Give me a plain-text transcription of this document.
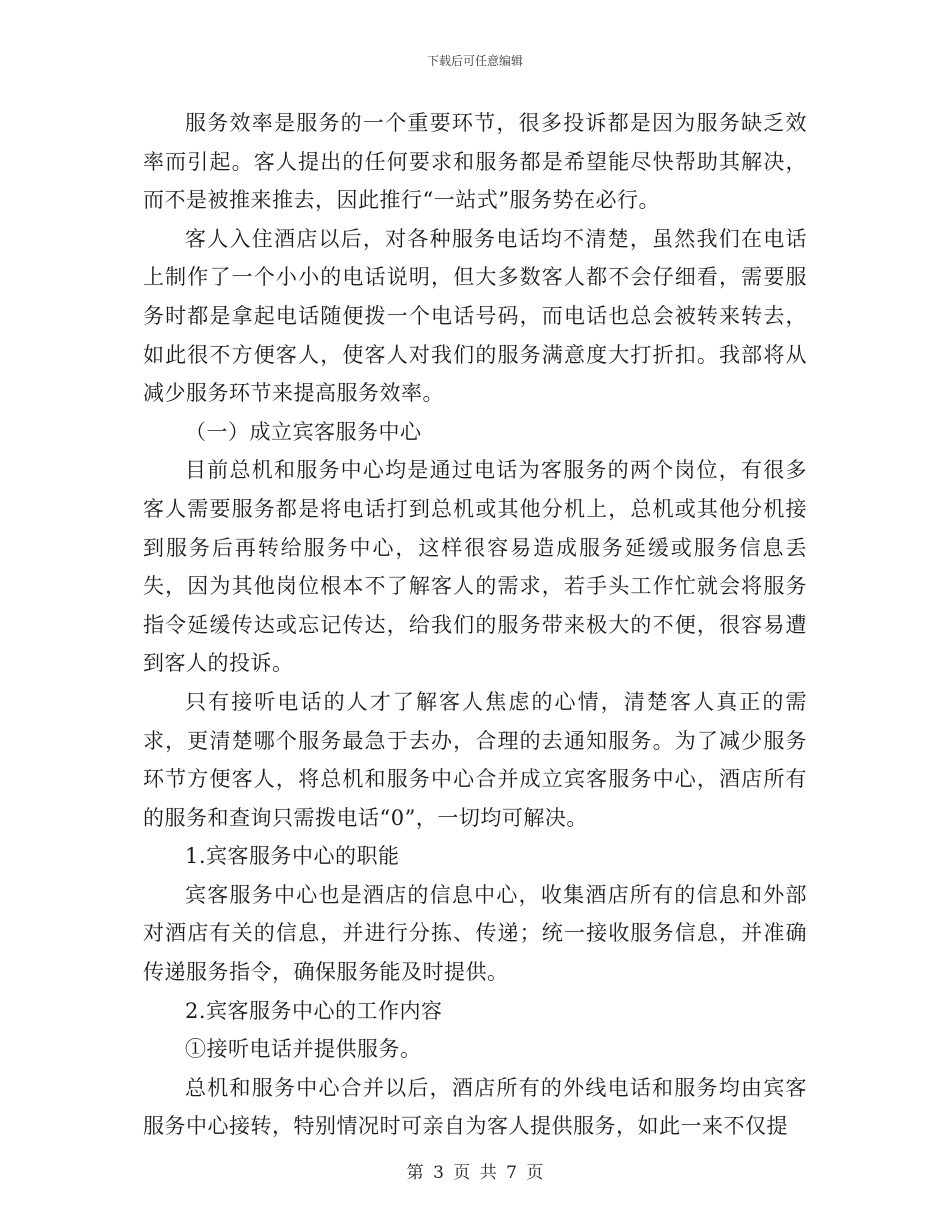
下载后可任意编辑

服务效率是服务的一个重要环节，很多投诉都是因为服务缺乏效率而引起。客人提出的任何要求和服务都是希望能尽快帮助其解决，而不是被推来推去，因此推行“一站式”服务势在必行。

客人入住酒店以后，对各种服务电话均不清楚，虽然我们在电话上制作了一个小小的电话说明，但大多数客人都不会仔细看，需要服务时都是拿起电话随便拨一个电话号码，而电话也总会被转来转去，如此很不方便客人，使客人对我们的服务满意度大打折扣。我部将从减少服务环节来提高服务效率。

（一）成立宾客服务中心

目前总机和服务中心均是通过电话为客服务的两个岗位，有很多客人需要服务都是将电话打到总机或其他分机上，总机或其他分机接到服务后再转给服务中心，这样很容易造成服务延缓或服务信息丢失，因为其他岗位根本不了解客人的需求，若手头工作忙就会将服务指令延缓传达或忘记传达，给我们的服务带来极大的不便，很容易遭到客人的投诉。

只有接听电话的人才了解客人焦虑的心情，清楚客人真正的需求，更清楚哪个服务最急于去办，合理的去通知服务。为了减少服务环节方便客人，将总机和服务中心合并成立宾客服务中心，酒店所有的服务和查询只需拨电话“0”，一切均可解决。

1.宾客服务中心的职能

宾客服务中心也是酒店的信息中心，收集酒店所有的信息和外部对酒店有关的信息，并进行分拣、传递；统一接收服务信息，并准确传递服务指令，确保服务能及时提供。

2.宾客服务中心的工作内容

①接听电话并提供服务。

总机和服务中心合并以后，酒店所有的外线电话和服务均由宾客服务中心接转，特别情况时可亲自为客人提供服务，如此一来不仅提

第 3 页 共 7 页
